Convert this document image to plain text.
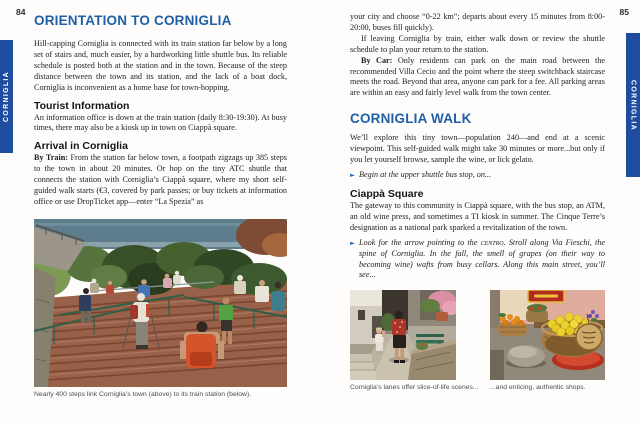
84
CORNIGLIA
ORIENTATION TO CORNIGLIA

Hill-capping Corniglia is connected with its train station far below by a long set of stairs and, much easier, by a hardworking little shuttle bus. Its reliable schedule is posted both at the station and in the town. Because of the steep distance between the town and its station, and the lack of a boat dock, Corniglia is inconvenient as a home base for town-hopping.

Tourist Information

An information office is down at the train station (daily 8:30-19:30). At busy times, there may also be a kiosk up in town on Ciappà square.

Arrival in Corniglia

By Train: From the station far below town, a footpath zigzags up 385 steps to the town in about 20 minutes. Or hop on the tiny ATC shuttle that connects the station with Corniglia’s Ciappà square, where my short self-guided walk starts (€3, covered by park passes; or buy tickets at information office or use DropTicket app—enter “La Spezia” as

Nearly 400 steps link Corniglia’s town (above) to its train station (below).
85
CORNIGLIA

your city and choose “0-22 km”; departs about every 15 minutes from 8:00-20:00, buses fill quickly).

If leaving Corniglia by train, either walk down or review the shuttle schedule to plan your return to the station.

By Car: Only residents can park on the main road between the recommended Villa Cecio and the point where the steep switchback staircase meets the road. Beyond that area, anyone can park for a fee. All parking areas are within an easy and fairly level walk from the town center.

CORNIGLIA WALK

We’ll explore this tiny town—population 240—and end at a scenic viewpoint. This self-guided walk might take 30 minutes or more...but only if you let yourself browse, sample the wine, or lick gelato.

► Begin at the upper shuttle bus stop, on...
Ciappà Square

The gateway to this community is Ciappà square, with the bus stop, an ATM, an old wine press, and sometimes a TI kiosk in summer. The Cinque Terre’s designation as a national park sparked a revitalization of the town.

► Look for the arrow pointing to the centro. Stroll along Via Fieschi, the spine of Corniglia. In the fall, the smell of grapes (on their way to becoming wine) wafts from busy cellars. Along this main street, you’ll see...
Corniglia’s lanes offer slice-of-life scenes... ...and enticing, authentic shops.
